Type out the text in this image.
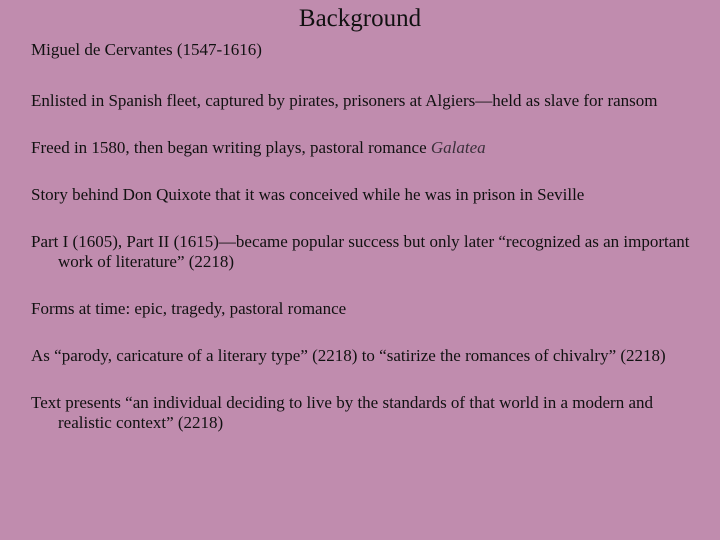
Background
Miguel de Cervantes (1547-1616)
Enlisted in Spanish fleet, captured by pirates, prisoners at Algiers—held as slave for ransom
Freed in 1580, then began writing plays, pastoral romance Galatea
Story behind Don Quixote that it was conceived while he was in prison in Seville
Part I (1605), Part II (1615)—became popular success but only later “recognized as an important work of literature” (2218)
Forms at time: epic, tragedy, pastoral romance
As “parody, caricature of a literary type” (2218) to “satirize the romances of chivalry” (2218)
Text presents “an individual deciding to live by the standards of that world in a modern and realistic context” (2218)
